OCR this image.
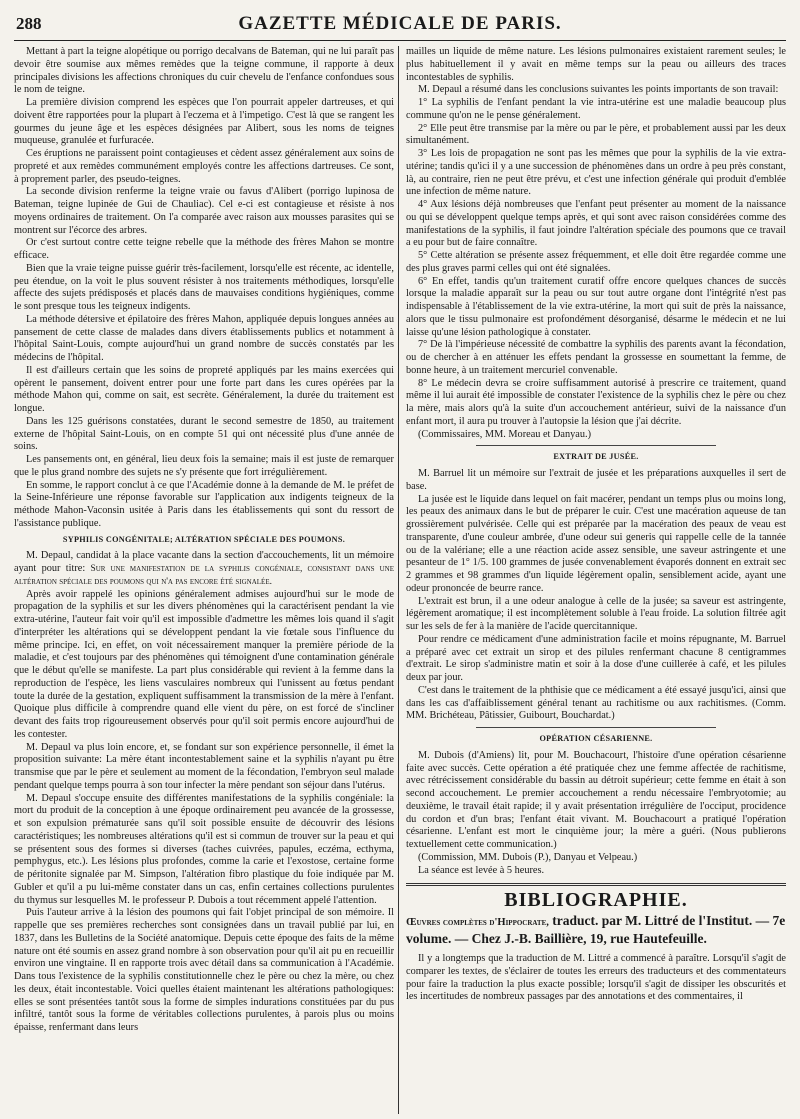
288	GAZETTE MÉDICALE DE PARIS.

Mettant à part la teigne alopétique ou porrigo decalvans de Bateman, qui ne lui paraît pas devoir être soumise aux mêmes remèdes que la teigne commune, il rapporte à deux principales divisions les affections chroniques du cuir chevelu de l'enfance confondues sous le nom de teigne.

La première division comprend les espèces que l'on pourrait appeler dartreuses, et qui doivent être rapportées pour la plupart à l'eczema et à l'impetigo. C'est là que se rangent les gourmes du jeune âge et les espèces désignées par Alibert, sous les noms de teignes muqueuse, granulée et furfuracée.

Ces éruptions ne paraissent point contagieuses et cèdent assez généralement aux soins de propreté et aux remèdes communément employés contre les affections dartreuses. Ce sont, à proprement parler, des pseudo-teignes.

La seconde division renferme la teigne vraie ou favus d'Alibert (porrigo lupinosa de Bateman, teigne lupinée de Gui de Chauliac). Cel e-ci est contagieuse et résiste à nos moyens ordinaires de traitement. On l'a comparée avec raison aux mousses parasites qui se montrent sur l'écorce des arbres.

Or c'est surtout contre cette teigne rebelle que la méthode des frères Mahon se montre efficace.

Bien que la vraie teigne puisse guérir très-facilement, lorsqu'elle est récente, ac identelle, peu étendue, on la voit le plus souvent résister à nos traitements méthodiques, lorsqu'elle affecte des sujets prédisposés et placés dans de mauvaises conditions hygiéniques, comme le sont presque tous les teigneux indigents.

La méthode détersive et épilatoire des frères Mahon, appliquée depuis longues années au pansement de cette classe de malades dans divers établissements publics et notamment à l'hôpital Saint-Louis, compte aujourd'hui un grand nombre de succès constatés par les médecins de l'hôpital.

Il est d'ailleurs certain que les soins de propreté appliqués par les mains exercées qui opèrent le pansement, doivent entrer pour une forte part dans les cures opérées par la méthode Mahon qui, comme on sait, est secrète. Généralement, la durée du traitement est longue.

Dans les 125 guérisons constatées, durant le second semestre de 1850, au traitement externe de l'hôpital Saint-Louis, on en compte 51 qui ont nécessité plus d'une année de soins.

Les pansements ont, en général, lieu deux fois la semaine; mais il est juste de remarquer que le plus grand nombre des sujets ne s'y présente que fort irrégulièrement.

En somme, le rapport conclut à ce que l'Académie donne à la demande de M. le préfet de la Seine-Inférieure une réponse favorable sur l'application aux indigents teigneux de la méthode Mahon-Vaconsin usitée à Paris dans les établissements qui sont du ressort de l'assistance publique.

SYPHILIS CONGÉNITALE; ALTÉRATION SPÉCIALE DES POUMONS.

M. Depaul, candidat à la place vacante dans la section d'accouchements, lit un mémoire ayant pour titre: Sur une manifestation de la syphilis congéniale, consistant dans une altération spéciale des poumons qui n'a pas encore été signalée.

Après avoir rappelé les opinions généralement admises aujourd'hui sur le mode de propagation de la syphilis et sur les divers phénomènes qui la caractérisent pendant la vie extra-utérine, l'auteur fait voir qu'il est impossible d'admettre les mêmes lois quand il s'agit d'interpréter les altérations qui se développent pendant la vie fœtale sous l'influence du même principe. Ici, en effet, on voit nécessairement manquer la première période de la maladie, et c'est toujours par des phénomènes qui témoignent d'une contamination générale que le début qu'elle se manifeste. La part plus considérable qui revient à la femme dans la reproduction de l'espèce, les liens vasculaires nombreux qui l'unissent au fœtus pendant toute la durée de la gestation, expliquent suffisamment la transmission de la mère à l'enfant. Quoique plus difficile à comprendre quand elle vient du père, on est forcé de s'incliner devant des faits trop rigoureusement observés pour qu'il soit permis encore aujourd'hui de les contester.

M. Depaul va plus loin encore, et, se fondant sur son expérience personnelle, il émet la proposition suivante: La mère étant incontestablement saine et la syphilis n'ayant pu être transmise que par le père et seulement au moment de la fécondation, l'embryon seul malade pendant quelque temps pourra à son tour infecter la mère pendant son séjour dans l'utérus.

M. Depaul s'occupe ensuite des différentes manifestations de la syphilis congéniale: la mort du produit de la conception à une époque ordinairement peu avancée de la grossesse, et son expulsion prématurée sans qu'il soit possible ensuite de découvrir des lésions caractéristiques; les nombreuses altérations qu'il est si commun de trouver sur la peau et qui se présentent sous des formes si diverses (taches cuivrées, papules, eczéma, ecthyma, pemphygus, etc.). Les lésions plus profondes, comme la carie et l'exostose, certaine forme de péritonite signalée par M. Simpson, l'altération fibro plastique du foie indiquée par M. Gubler et qu'il a pu lui-même constater dans un cas, enfin certaines collections purulentes du thymus sur lesquelles M. le professeur P. Dubois a tout récemment appelé l'attention.

Puis l'auteur arrive à la lésion des poumons qui fait l'objet principal de son mémoire. Il rappelle que ses premières recherches sont consignées dans un travail publié par lui, en 1837, dans les Bulletins de la Société anatomique. Depuis cette époque des faits de la même nature ont été soumis en assez grand nombre à son observation pour qu'il ait pu en recueillir environ une vingtaine. Il en rapporte trois avec détail dans sa communication à l'Académie. Dans tous l'existence de la syphilis constitutionnelle chez le père ou chez la mère, ou chez les deux, était incontestable. Voici quelles étaient maintenant les altérations pathologiques: elles se sont présentées tantôt sous la forme de simples indurations constituées par du pus infiltré, tantôt sous la forme de véritables collections purulentes, à parois plus ou moins épaisse, renfermant dans leurs

mailles un liquide de même nature. Les lésions pulmonaires existaient rarement seules; le plus habituellement il y avait en même temps sur la peau ou ailleurs des traces incontestables de syphilis.

M. Depaul a résumé dans les conclusions suivantes les points importants de son travail:

1° La syphilis de l'enfant pendant la vie intra-utérine est une maladie beaucoup plus commune qu'on ne le pense généralement.

2° Elle peut être transmise par la mère ou par le père, et probablement aussi par les deux simultanément.

3° Les lois de propagation ne sont pas les mêmes que pour la syphilis de la vie extra-utérine; tandis qu'ici il y a une succession de phénomènes dans un ordre à peu près constant, là, au contraire, rien ne peut être prévu, et c'est une infection générale qui produit d'emblée une infection de même nature.

4° Aux lésions déjà nombreuses que l'enfant peut présenter au moment de la naissance ou qui se développent quelque temps après, et qui sont avec raison considérées comme des manifestations de la syphilis, il faut joindre l'altération spéciale des poumons que ce travail a eu pour but de faire connaître.

5° Cette altération se présente assez fréquemment, et elle doit être regardée comme une des plus graves parmi celles qui ont été signalées.

6° En effet, tandis qu'un traitement curatif offre encore quelques chances de succès lorsque la maladie apparaît sur la peau ou sur tout autre organe dont l'intégrité n'est pas indispensable à l'établissement de la vie extra-utérine, la mort qui suit de près la naissance, alors que le tissu pulmonaire est profondément désorganisé, désarme le médecin et ne lui laisse qu'une lésion pathologique à constater.

7° De là l'impérieuse nécessité de combattre la syphilis des parents avant la fécondation, ou de chercher à en atténuer les effets pendant la grossesse en soumettant la femme, de bonne heure, à un traitement mercuriel convenable.

8° Le médecin devra se croire suffisamment autorisé à prescrire ce traitement, quand même il lui aurait été impossible de constater l'existence de la syphilis chez le père ou chez la mère, mais alors qu'à la suite d'un accouchement antérieur, suivi de la naissance d'un enfant mort, il aura pu trouver à l'autopsie la lésion que j'ai décrite.

(Commissaires, MM. Moreau et Danyau.)

EXTRAIT DE JUSÉE.

M. Barruel lit un mémoire sur l'extrait de jusée et les préparations auxquelles il sert de base.

La jusée est le liquide dans lequel on fait macérer, pendant un temps plus ou moins long, les peaux des animaux dans le but de préparer le cuir. C'est une macération aqueuse de tan grossièrement pulvérisée. Celle qui est préparée par la macération des peaux de veau est transparente, d'une couleur ambrée, d'une odeur sui generis qui rappelle celle de la tannée ou de la valériane; elle a une réaction acide assez sensible, une saveur astringente et une pesanteur de 1° 1/5. 100 grammes de jusée convenablement évaporés donnent en extrait sec 2 grammes et 98 grammes d'un liquide légèrement opalin, sensiblement acide, ayant une odeur prononcée de beurre rance.

L'extrait est brun, il a une odeur analogue à celle de la jusée; sa saveur est astringente, légèrement aromatique; il est incomplètement soluble à l'eau froide. La solution filtrée agit sur les sels de fer à la manière de l'acide quercitannique.

Pour rendre ce médicament d'une administration facile et moins répugnante, M. Barruel a préparé avec cet extrait un sirop et des pilules renfermant chacune 8 centigrammes d'extrait. Le sirop s'administre matin et soir à la dose d'une cuillerée à café, et les pilules deux par jour.

C'est dans le traitement de la phthisie que ce médicament a été essayé jusqu'ici, ainsi que dans les cas d'affaiblissement général tenant au rachitisme ou aux rachitismes. (Comm. MM. Brichéteau, Pâtissier, Guibourt, Bouchardat.)

OPÉRATION CÉSARIENNE.

M. Dubois (d'Amiens) lit, pour M. Bouchacourt, l'histoire d'une opération césarienne faite avec succès. Cette opération a été pratiquée chez une femme affectée de rachitisme, avec rétrécissement considérable du bassin au détroit supérieur; cette femme en était à son second accouchement. Le premier accouchement a rendu nécessaire l'embryotomie; au deuxième, le travail était rapide; il y avait présentation irrégulière de l'occiput, procidence du cordon et d'un bras; l'enfant était vivant. M. Bouchacourt a pratiqué l'opération césarienne. L'enfant est mort le cinquième jour; la mère a guéri. (Nous publierons textuellement cette communication.)

(Commission, MM. Dubois (P.), Danyau et Velpeau.)

La séance est levée à 5 heures.

BIBLIOGRAPHIE.

Œuvres complètes d'Hippocrate, traduct. par M. Littré de l'Institut. — 7e volume. — Chez J.-B. Baillière, 19, rue Hautefeuille.

Il y a longtemps que la traduction de M. Littré a commencé à paraître. Lorsqu'il s'agit de comparer les textes, de s'éclairer de toutes les erreurs des traducteurs et des commentateurs pour faire la traduction la plus exacte possible; lorsqu'il s'agit de dissiper les obscurités et les incertitudes de nombreux passages par des annotations et des commentaires, il
